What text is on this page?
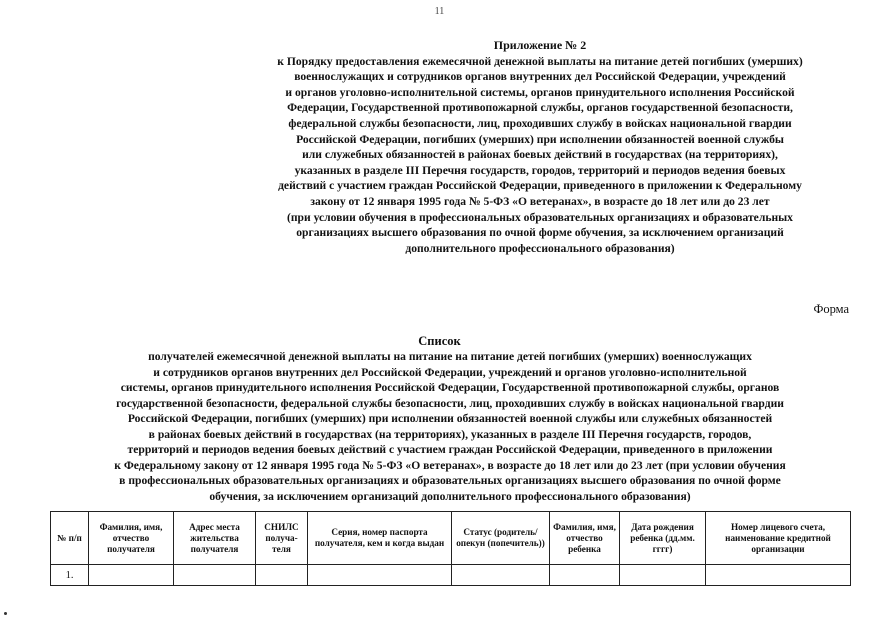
11
Приложение № 2
к Порядку предоставления ежемесячной денежной выплаты на питание детей погибших (умерших)
военнослужащих и сотрудников органов внутренних дел Российской Федерации, учреждений
и органов уголовно-исполнительной системы, органов принудительного исполнения Российской
Федерации, Государственной противопожарной службы, органов государственной безопасности,
федеральной службы безопасности, лиц, проходивших службу в войсках национальной гвардии
Российской Федерации, погибших (умерших) при исполнении обязанностей военной службы
или служебных обязанностей в районах боевых действий в государствах (на территориях),
указанных в разделе III Перечня государств, городов, территорий и периодов ведения боевых
действий с участием граждан Российской Федерации, приведенного в приложении к Федеральному
закону от 12 января 1995 года № 5-ФЗ «О ветеранах», в возрасте до 18 лет или до 23 лет
(при условии обучения в профессиональных образовательных организациях и образовательных
организациях высшего образования по очной форме обучения, за исключением организаций
дополнительного профессионального образования)
Форма
Список
получателей ежемесячной денежной выплаты на питание на питание детей погибших (умерших) военнослужащих
и сотрудников органов внутренних дел Российской Федерации, учреждений и органов уголовно-исполнительной
системы, органов принудительного исполнения Российской Федерации, Государственной противопожарной службы, органов
государственной безопасности, федеральной службы безопасности, лиц, проходивших службу в войсках национальной гвардии
Российской Федерации, погибших (умерших) при исполнении обязанностей военной службы или служебных обязанностей
в районах боевых действий в государствах (на территориях), указанных в разделе III Перечня государств, городов,
территорий и периодов ведения боевых действий с участием граждан Российской Федерации, приведенного в приложении
к Федеральному закону от 12 января 1995 года № 5-ФЗ «О ветеранах», в возрасте до 18 лет или до 23 лет (при условии обучения
в профессиональных образовательных организациях и образовательных организациях высшего образования по очной форме
обучения, за исключением организаций дополнительного профессионального образования)
№ п/п	Фамилия, имя, отчество получателя	Адрес места жительства получателя	СНИЛС получа-теля	Серия, номер паспорта получателя, кем и когда выдан	Статус (родитель/ опекун (попечитель))	Фамилия, имя, отчество ребенка	Дата рождения ребенка (дд.мм. гггг)	Номер лицевого счета, наименование кредитной организации
1.								
